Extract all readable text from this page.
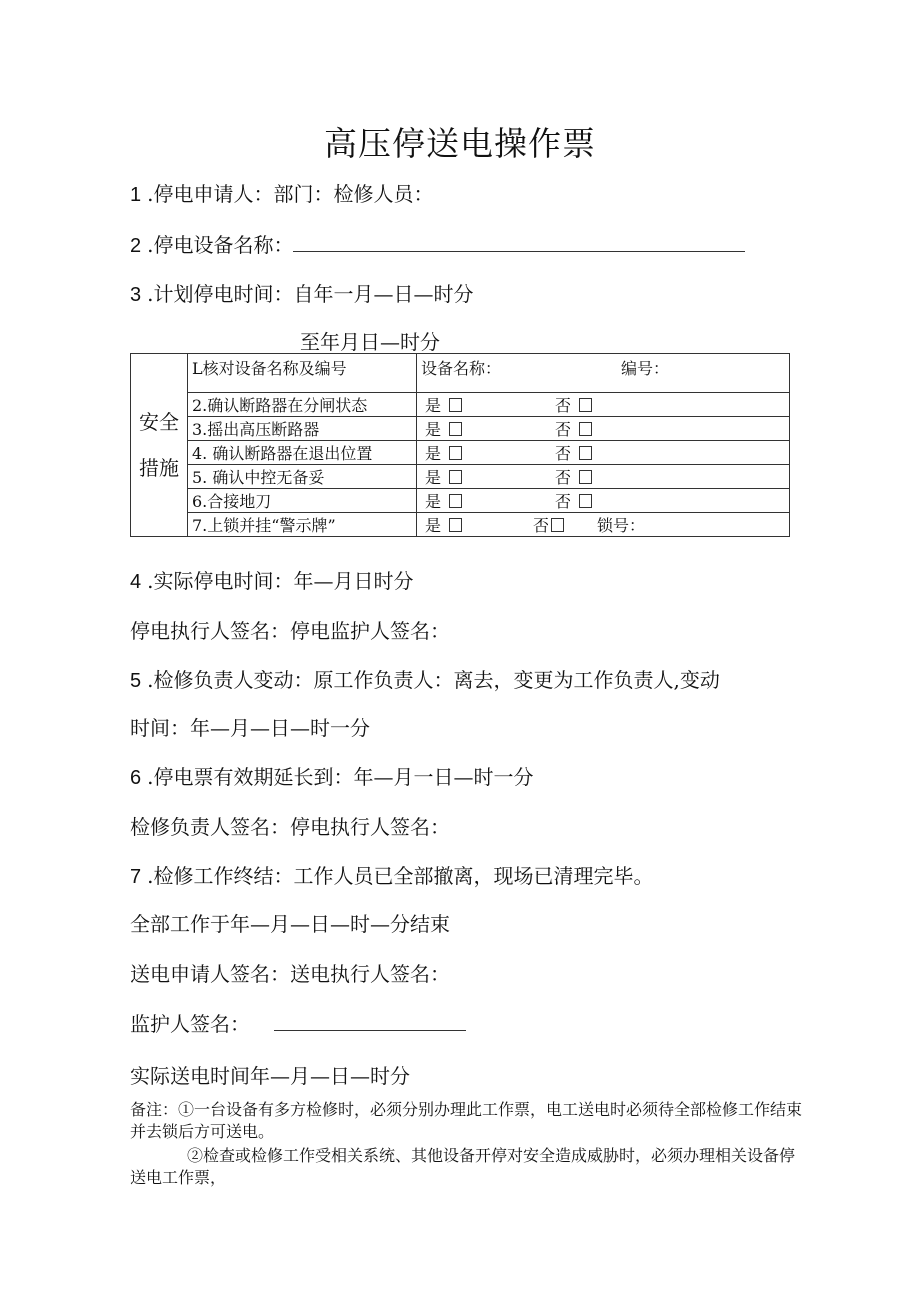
高压停送电操作票
1 .停电申请人：部门：检修人员：
2 .停电设备名称：
3 .计划停电时间：自年一月—日—时分
至年月日—时分
安全
措施	L核对设备名称及编号	设备名称： 编号：
	2.确认断路器在分闸状态	是 否
	3.摇出高压断路器	是 否
	4. 确认断路器在退出位置	是 否
	5. 确认中控无备妥	是 否
	6.合接地刀	是 否
	7.上锁并挂“警示牌”	是 否 锁号：
4 .实际停电时间：年—月日时分
停电执行人签名：停电监护人签名：
5 .检修负责人变动：原工作负责人：离去，变更为工作负责人,变动
时间：年—月—日—时一分
6 .停电票有效期延长到：年—月一日—时一分
检修负责人签名：停电执行人签名：
7 .检修工作终结：工作人员已全部撤离，现场已清理完毕。
全部工作于年—月—日—时—分结束
送电申请人签名：送电执行人签名：
监护人签名：
实际送电时间年—月—日—时分
备注：①一台设备有多方检修时，必须分别办理此工作票，电工送电时必须待全部检修工作结束并去锁后方可送电。
②检查或检修工作受相关系统、其他设备开停对安全造成威胁时，必须办理相关设备停送电工作票，
